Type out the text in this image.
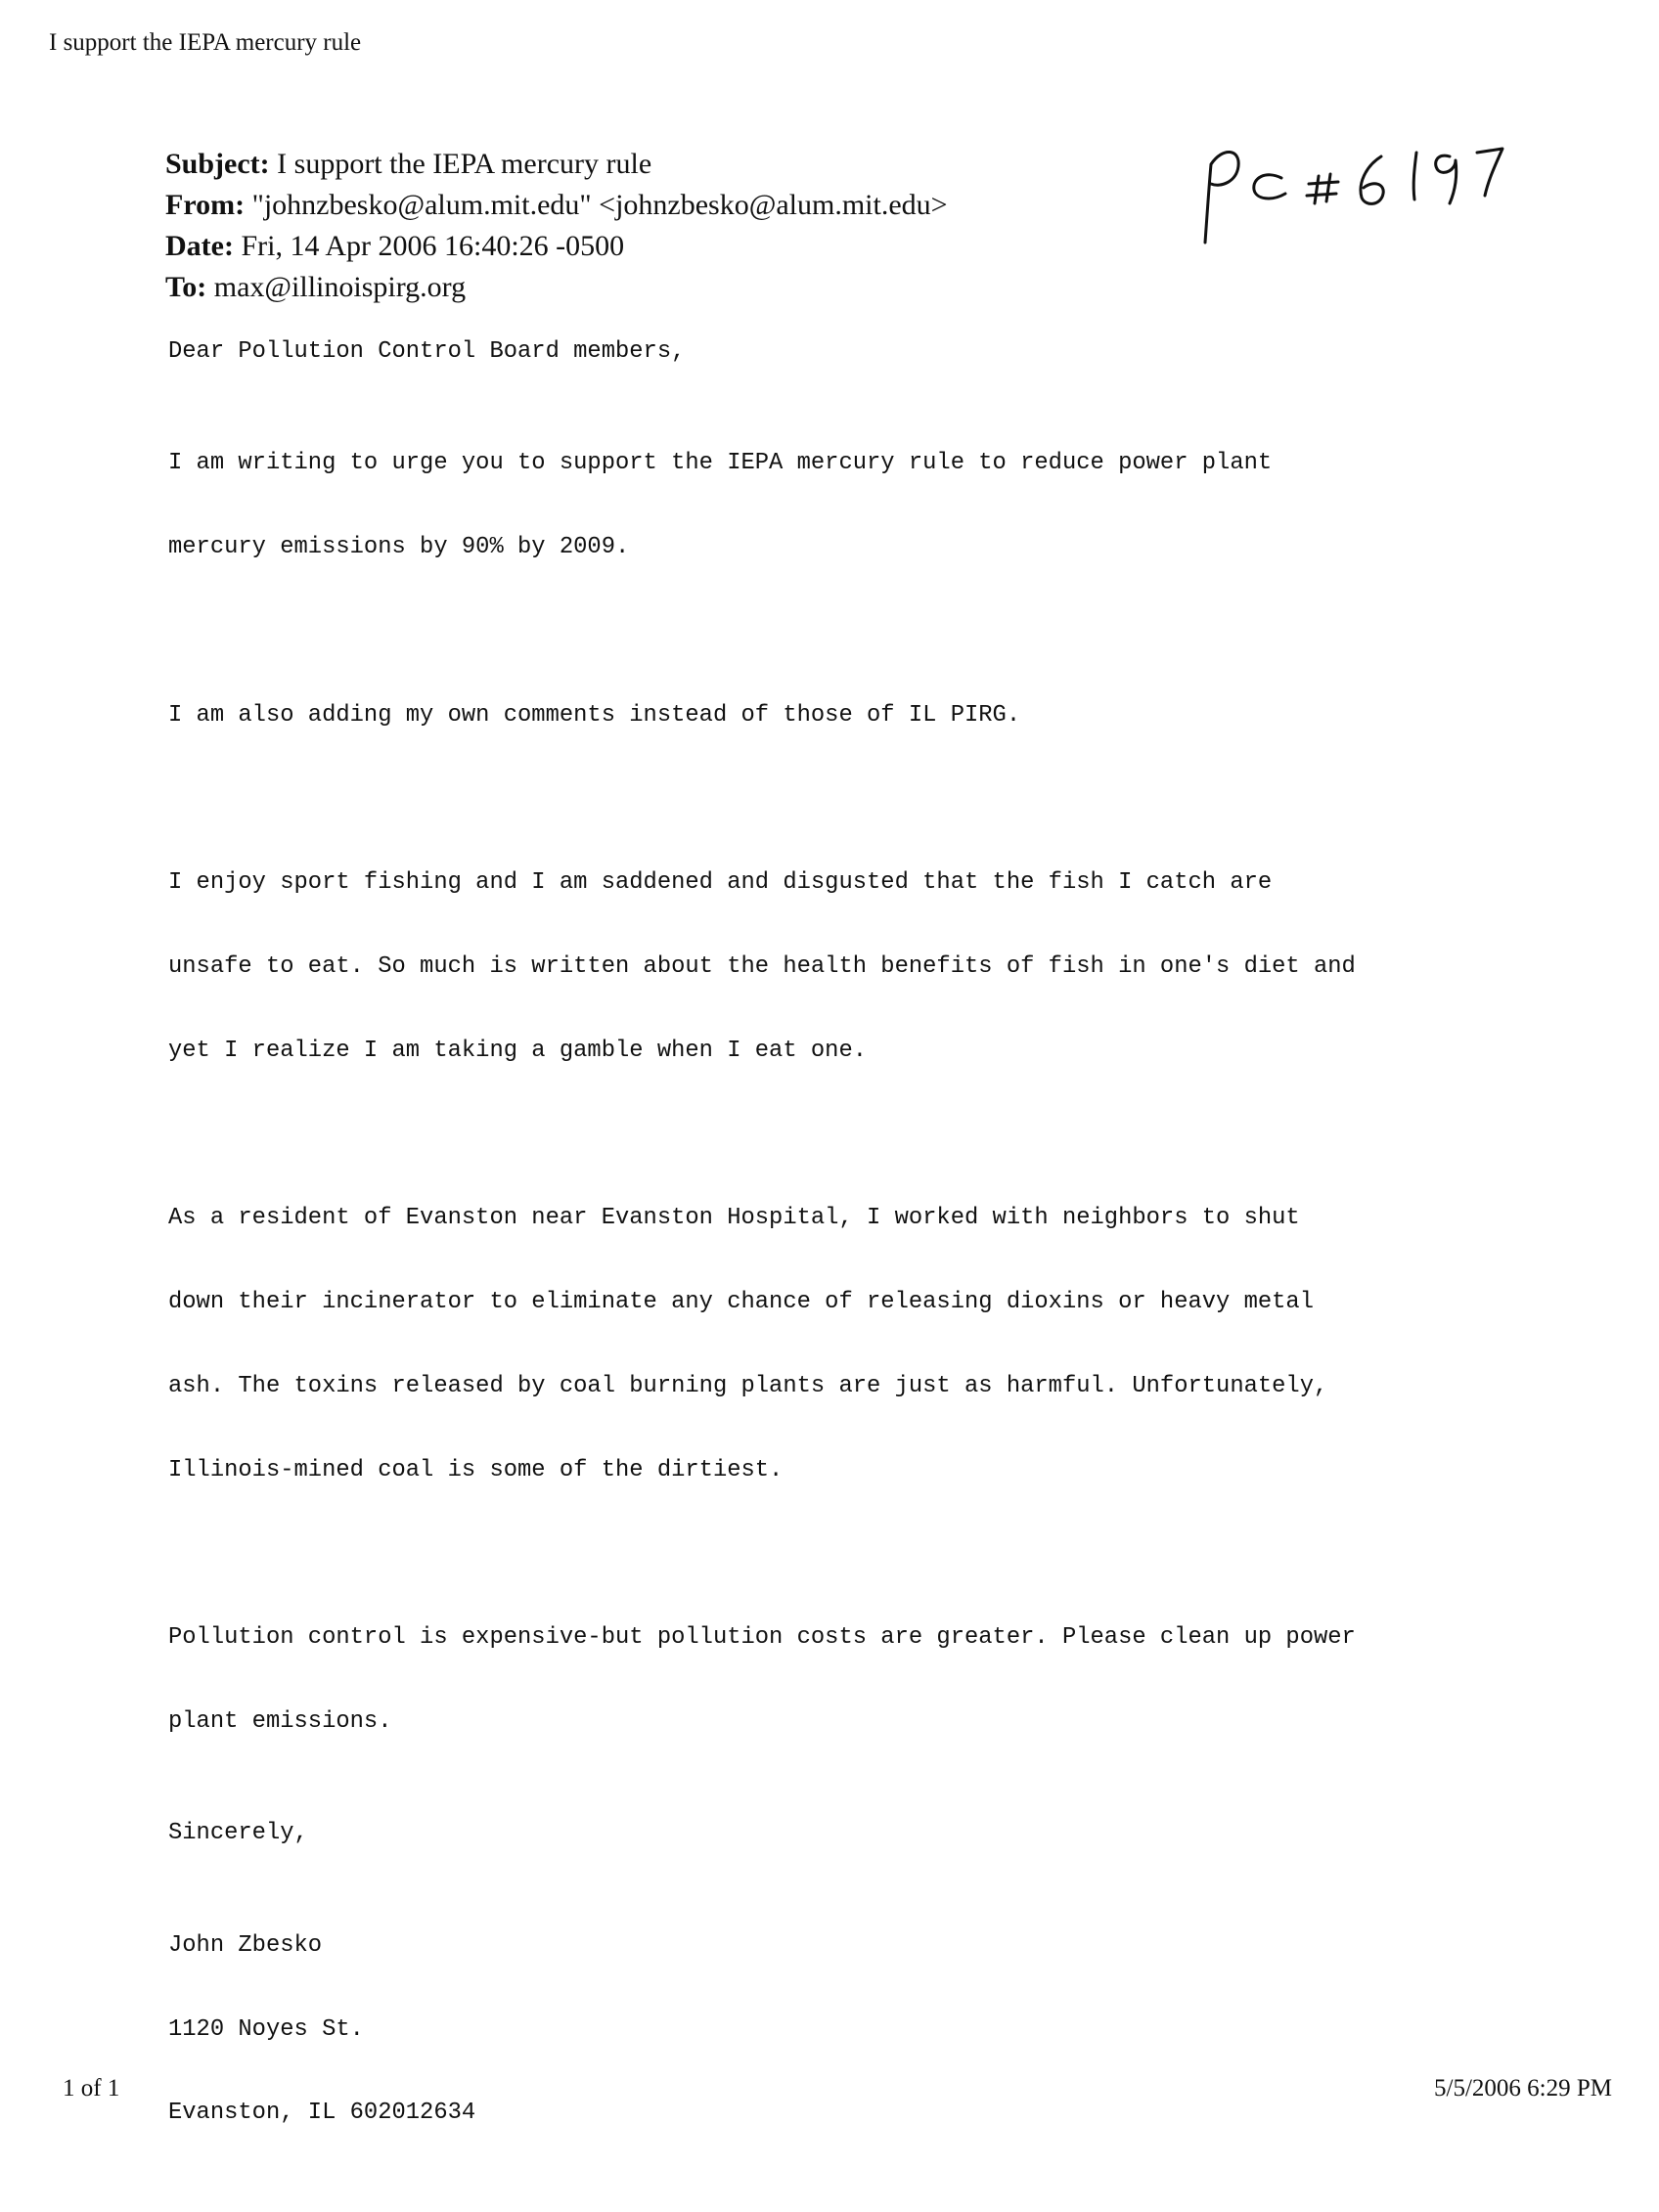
I support the IEPA mercury rule
Subject: I support the IEPA mercury rule
From: "johnzbesko@alum.mit.edu" <johnzbesko@alum.mit.edu>
Date: Fri, 14 Apr 2006 16:40:26 -0500
To: max@illinoispirg.org
Dear Pollution Control Board members,

I am writing to urge you to support the IEPA mercury rule to reduce power plant

mercury emissions by 90% by 2009.

I am also adding my own comments instead of those of IL PIRG.

I enjoy sport fishing and I am saddened and disgusted that the fish I catch are

unsafe to eat. So much is written about the health benefits of fish in one's diet and

yet I realize I am taking a gamble when I eat one.

As a resident of Evanston near Evanston Hospital, I worked with neighbors to shut

down their incinerator to eliminate any chance of releasing dioxins or heavy metal

ash. The toxins released by coal burning plants are just as harmful. Unfortunately,

Illinois-mined coal is some of the dirtiest.

Pollution control is expensive-but pollution costs are greater. Please clean up power

plant emissions.

Sincerely,

John Zbesko

1120 Noyes St.

Evanston, IL 602012634

1 of 1	5/5/2006 6:29 PM
